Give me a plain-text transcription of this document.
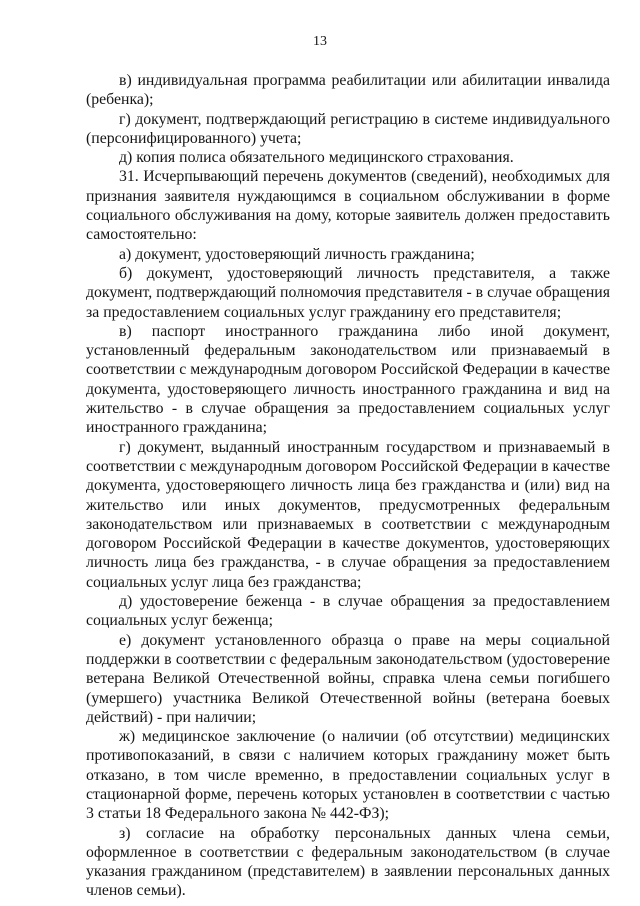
13

в) индивидуальная программа реабилитации или абилитации инвалида (ребенка);

г) документ, подтверждающий регистрацию в системе индивидуального (персонифицированного) учета;

д) копия полиса обязательного медицинского страхования.

31. Исчерпывающий перечень документов (сведений), необходимых для признания заявителя нуждающимся в социальном обслуживании в форме социального обслуживания на дому, которые заявитель должен предоставить самостоятельно:

а) документ, удостоверяющий личность гражданина;

б) документ, удостоверяющий личность представителя, а также документ, подтверждающий полномочия представителя - в случае обращения за предоставлением социальных услуг гражданину его представителя;

в) паспорт иностранного гражданина либо иной документ, установленный федеральным законодательством или признаваемый в соответствии с международным договором Российской Федерации в качестве документа, удостоверяющего личность иностранного гражданина и вид на жительство - в случае обращения за предоставлением социальных услуг иностранного гражданина;

г) документ, выданный иностранным государством и признаваемый в соответствии с международным договором Российской Федерации в качестве документа, удостоверяющего личность лица без гражданства и (или) вид на жительство или иных документов, предусмотренных федеральным законодательством или признаваемых в соответствии с международным договором Российской Федерации в качестве документов, удостоверяющих личность лица без гражданства, - в случае обращения за предоставлением социальных услуг лица без гражданства;

д) удостоверение беженца - в случае обращения за предоставлением социальных услуг беженца;

е) документ установленного образца о праве на меры социальной поддержки в соответствии с федеральным законодательством (удостоверение ветерана Великой Отечественной войны, справка члена семьи погибшего (умершего) участника Великой Отечественной войны (ветерана боевых действий) - при наличии;

ж) медицинское заключение (о наличии (об отсутствии) медицинских противопоказаний, в связи с наличием которых гражданину может быть отказано, в том числе временно, в предоставлении социальных услуг в стационарной форме, перечень которых установлен в соответствии с частью 3 статьи 18 Федерального закона № 442-ФЗ);

з) согласие на обработку персональных данных члена семьи, оформленное в соответствии с федеральным законодательством (в случае указания гражданином (представителем) в заявлении персональных данных членов семьи).
